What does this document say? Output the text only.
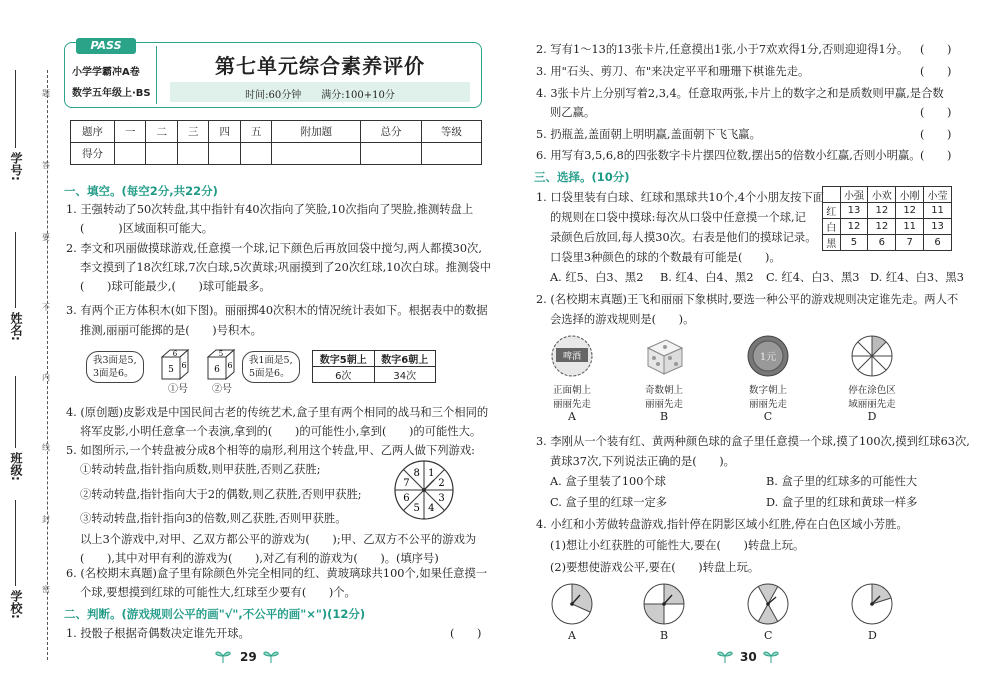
学号:
姓名:
班级:
学校:
题
答
要
不
内
线
封
密
PASS
小学学霸冲A卷
数学五年级上·BS
第七单元综合素养评价
时间:60分钟　　满分:100+10分
题序	一	二	三	四	五	附加题	总分	等级
得分								
一、填空。(每空2分,共22分)
1. 王强转动了50次转盘,其中指针有40次指向了笑脸,10次指向了哭脸,推测转盘上
(　　　)区域面积可能大。
2. 李文和巩丽做摸球游戏,任意摸一个球,记下颜色后再放回袋中搅匀,两人都摸30次,
李文摸到了18次红球,7次白球,5次黄球;巩丽摸到了20次红球,10次白球。推测袋中
(　　)球可能最少,(　　)球可能最多。
3. 有两个正方体积木(如下图)。丽丽掷40次积木的情况统计表如下。根据表中的数据
推测,丽丽可能掷的是(　　)号积木。
我3面是5,
3面是6。
6
5 6
①号
5
6 6
②号
我1面是5,
5面是6。
数字5朝上	数字6朝上
6次	34次
4. (原创题)皮影戏是中国民间古老的传统艺术,盒子里有两个相同的战马和三个相同的
将军皮影,小明任意拿一个表演,拿到的(　　)的可能性小,拿到(　　)的可能性大。
5. 如图所示,一个转盘被分成8个相等的扇形,利用这个转盘,甲、乙两人做下列游戏:
①转动转盘,指针指向质数,则甲获胜,否则乙获胜;
②转动转盘,指针指向大于2的偶数,则乙获胜,否则甲获胜;
③转动转盘,指针指向3的倍数,则乙获胜,否则甲获胜。
以上3个游戏中,对甲、乙双方都公平的游戏为(　　);甲、乙双方不公平的游戏为
(　　),其中对甲有利的游戏为(　　),对乙有利的游戏为(　　)。(填序号)
1
2
3
4
5
6
7
8
6. (名校期末真题)盒子里有除颜色外完全相同的红、黄玻璃球共100个,如果任意摸一
个球,要想摸到红球的可能性大,红球至少要有(　　)个。
二、判断。(游戏规则公平的画"√",不公平的画"×")(12分)
1. 投骰子根据奇偶数决定谁先开球。	(　　)
29
2. 写有1～13的13张卡片,任意摸出1张,小于7欢欢得1分,否则迎迎得1分。 (　　)
3. 用"石头、剪刀、布"来决定平平和珊珊下棋谁先走。	(　　)
4. 3张卡片上分别写着2,3,4。任意取两张,卡片上的数字之和是质数则甲赢,是合数
则乙赢。	(　　)
5. 扔瓶盖,盖面朝上明明赢,盖面朝下飞飞赢。	(　　)
6. 用写有3,5,6,8的四张数字卡片摆四位数,摆出5的倍数小红赢,否则小明赢。 (　　)
三、选择。(10分)
1. 口袋里装有白球、红球和黑球共10个,4个小朋友按下面
的规则在口袋中摸球:每次从口袋中任意摸一个球,记
录颜色后放回,每人摸30次。右表是他们的摸球记录。
口袋里3种颜色的球的个数最有可能是(　　)。
	小强	小欢	小刚	小莹
红	13	12	12	11
白	12	12	11	13
黑	5	6	7	6
A. 红5、白3、黑2 B. 红4、白4、黑2 C. 红4、白3、黑3 D. 红4、白3、黑3
2. (名校期末真题)王飞和丽丽下象棋时,要选一种公平的游戏规则决定谁先走。两人不
会选择的游戏规则是(　　)。
啤酒	1元
正面朝上
丽丽先走
A
奇数朝上
丽丽先走
B
数字朝上
丽丽先走
C
停在涂色区
域丽丽先走
D
3. 李刚从一个装有红、黄两种颜色球的盒子里任意摸一个球,摸了100次,摸到红球63次,
黄球37次,下列说法正确的是(　　)。
A. 盒子里装了100个球	B. 盒子里的红球多的可能性大
C. 盒子里的红球一定多	D. 盒子里的红球和黄球一样多
4. 小红和小芳做转盘游戏,指针停在阴影区域小红胜,停在白色区域小芳胜。
(1)想让小红获胜的可能性大,要在(　　)转盘上玩。
(2)要想使游戏公平,要在(　　)转盘上玩。
A	B	C	D
30
